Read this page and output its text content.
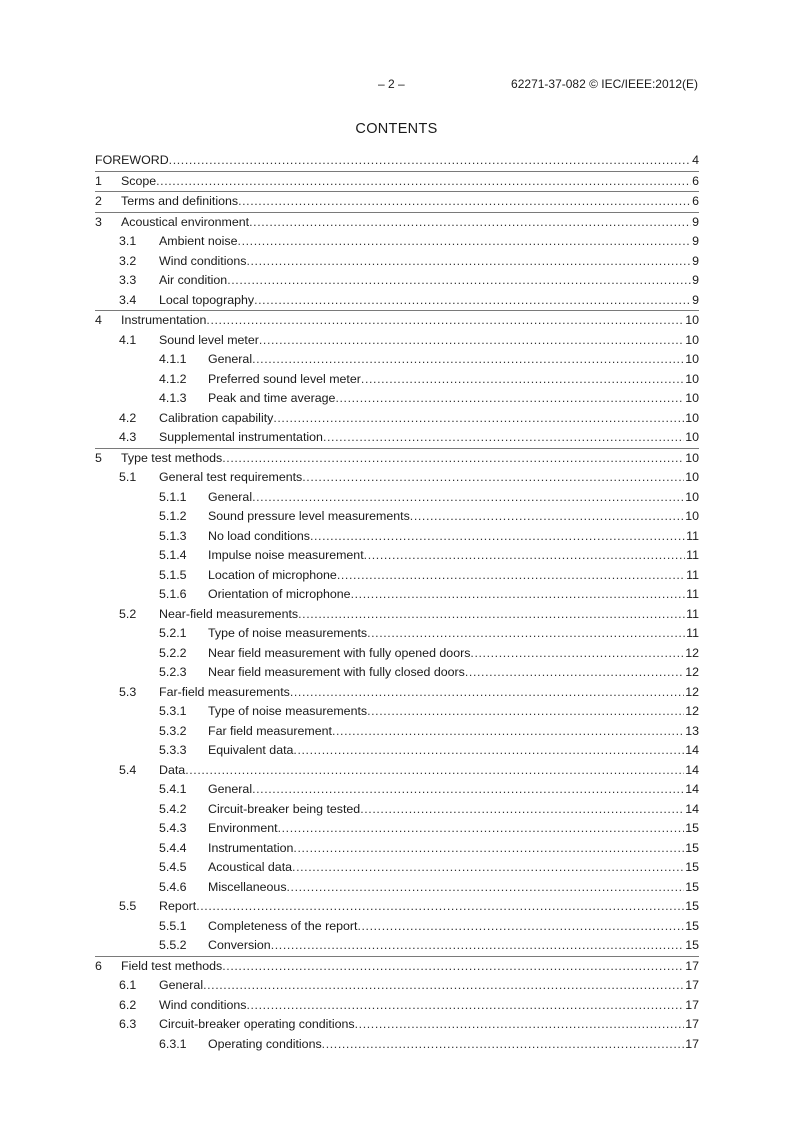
– 2 –	62271-37-082 © IEC/IEEE:2012(E)
CONTENTS
FOREWORD .....	4
1 Scope .....	6
2 Terms and definitions .....	6
3 Acoustical environment .....	9
3.1 Ambient noise .....	9
3.2 Wind conditions .....	9
3.3 Air condition .....	9
3.4 Local topography .....	9
4 Instrumentation .....	10
4.1 Sound level meter .....	10
4.1.1 General .....	10
4.1.2 Preferred sound level meter .....	10
4.1.3 Peak and time average .....	10
4.2 Calibration capability .....	10
4.3 Supplemental instrumentation .....	10
5 Type test methods .....	10
5.1 General test requirements .....	10
5.1.1 General .....	10
5.1.2 Sound pressure level measurements .....	10
5.1.3 No load conditions .....	11
5.1.4 Impulse noise measurement .....	11
5.1.5 Location of microphone .....	11
5.1.6 Orientation of microphone .....	11
5.2 Near-field measurements .....	11
5.2.1 Type of noise measurements .....	11
5.2.2 Near field measurement with fully opened doors .....	12
5.2.3 Near field measurement with fully closed doors .....	12
5.3 Far-field measurements .....	12
5.3.1 Type of noise measurements .....	12
5.3.2 Far field measurement .....	13
5.3.3 Equivalent data .....	14
5.4 Data .....	14
5.4.1 General .....	14
5.4.2 Circuit-breaker being tested .....	14
5.4.3 Environment .....	15
5.4.4 Instrumentation .....	15
5.4.5 Acoustical data .....	15
5.4.6 Miscellaneous .....	15
5.5 Report .....	15
5.5.1 Completeness of the report .....	15
5.5.2 Conversion .....	15
6 Field test methods .....	17
6.1 General .....	17
6.2 Wind conditions .....	17
6.3 Circuit-breaker operating conditions .....	17
6.3.1 Operating conditions .....	17
